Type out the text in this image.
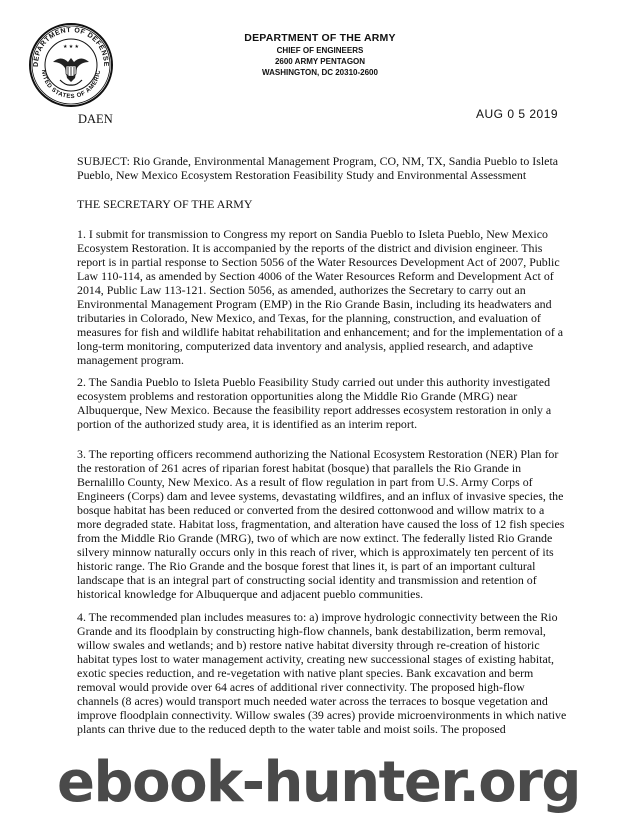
DEPARTMENT OF DEFENSE
NITED STATES OF AMERIC
★ ★ ★
DEPARTMENT OF THE ARMY
CHIEF OF ENGINEERS
2600 ARMY PENTAGON
WASHINGTON, DC 20310-2600
DAEN	AUG 0 5 2019

SUBJECT: Rio Grande, Environmental Management Program, CO, NM, TX, Sandia Pueblo to Isleta Pueblo, New Mexico Ecosystem Restoration Feasibility Study and Environmental Assessment

THE SECRETARY OF THE ARMY

1. I submit for transmission to Congress my report on Sandia Pueblo to Isleta Pueblo, New Mexico Ecosystem Restoration. It is accompanied by the reports of the district and division engineer. This report is in partial response to Section 5056 of the Water Resources Development Act of 2007, Public Law 110-114, as amended by Section 4006 of the Water Resources Reform and Development Act of 2014, Public Law 113-121. Section 5056, as amended, authorizes the Secretary to carry out an Environmental Management Program (EMP) in the Rio Grande Basin, including its headwaters and tributaries in Colorado, New Mexico, and Texas, for the planning, construction, and evaluation of measures for fish and wildlife habitat rehabilitation and enhancement; and for the implementation of a long-term monitoring, computerized data inventory and analysis, applied research, and adaptive management program.

2. The Sandia Pueblo to Isleta Pueblo Feasibility Study carried out under this authority investigated ecosystem problems and restoration opportunities along the Middle Rio Grande (MRG) near Albuquerque, New Mexico. Because the feasibility report addresses ecosystem restoration in only a portion of the authorized study area, it is identified as an interim report.

3. The reporting officers recommend authorizing the National Ecosystem Restoration (NER) Plan for the restoration of 261 acres of riparian forest habitat (bosque) that parallels the Rio Grande in Bernalillo County, New Mexico. As a result of flow regulation in part from U.S. Army Corps of Engineers (Corps) dam and levee systems, devastating wildfires, and an influx of invasive species, the bosque habitat has been reduced or converted from the desired cottonwood and willow matrix to a more degraded state. Habitat loss, fragmentation, and alteration have caused the loss of 12 fish species from the Middle Rio Grande (MRG), two of which are now extinct. The federally listed Rio Grande silvery minnow naturally occurs only in this reach of river, which is approximately ten percent of its historic range. The Rio Grande and the bosque forest that lines it, is part of an important cultural landscape that is an integral part of constructing social identity and transmission and retention of historical knowledge for Albuquerque and adjacent pueblo communities.

4. The recommended plan includes measures to: a) improve hydrologic connectivity between the Rio Grande and its floodplain by constructing high-flow channels, bank destabilization, berm removal, willow swales and wetlands; and b) restore native habitat diversity through re-creation of historic habitat types lost to water management activity, creating new successional stages of existing habitat, exotic species reduction, and re-vegetation with native plant species. Bank excavation and berm removal would provide over 64 acres of additional river connectivity. The proposed high-flow channels (8 acres) would transport much needed water across the terraces to bosque vegetation and improve floodplain connectivity. Willow swales (39 acres) provide microenvironments in which native plants can thrive due to the reduced depth to the water table and moist soils. The proposed

ebook-hunter.org
